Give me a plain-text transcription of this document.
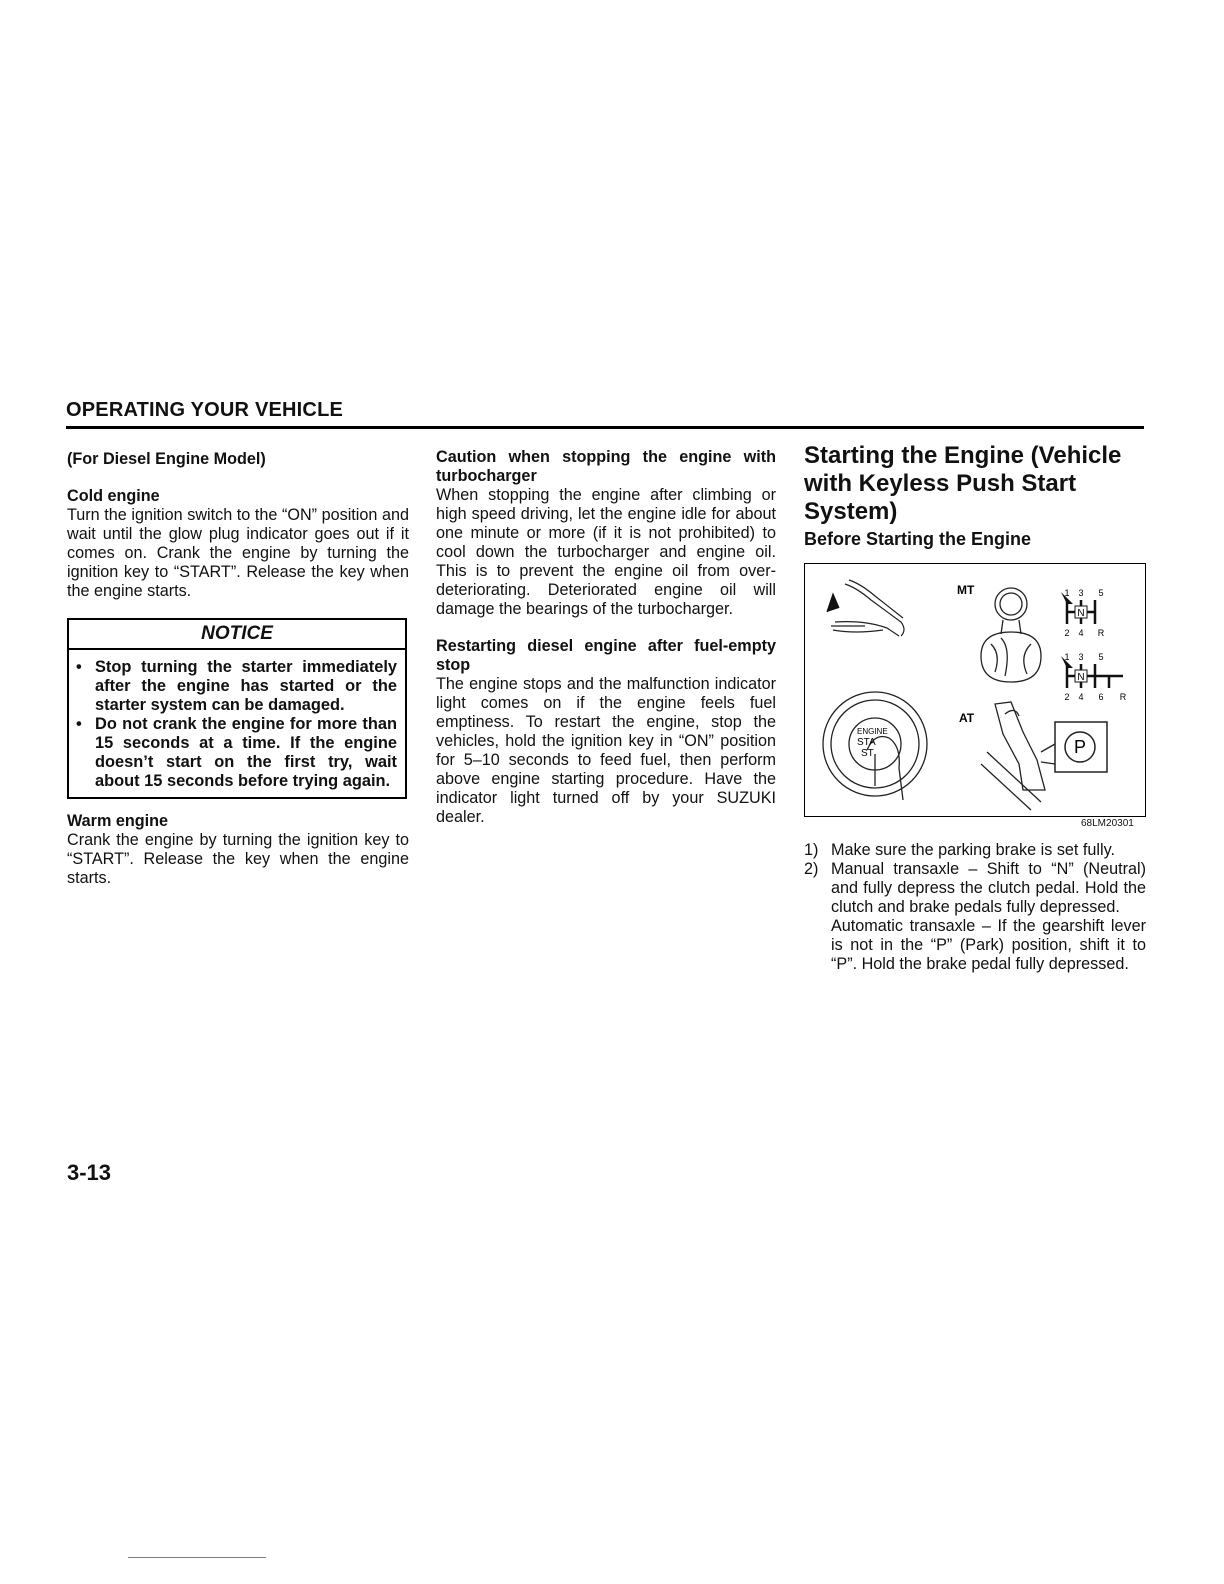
OPERATING YOUR VEHICLE

(For Diesel Engine Model)

Cold engine

Turn the ignition switch to the “ON” position and wait until the glow plug indicator goes out if it comes on. Crank the engine by turning the ignition key to “START”. Release the key when the engine starts.

NOTICE
• Stop turning the starter immediately after the engine has started or the starter system can be damaged.
• Do not crank the engine for more than 15 seconds at a time. If the engine doesn’t start on the first try, wait about 15 seconds before trying again.

Warm engine

Crank the engine by turning the ignition key to “START”. Release the key when the engine starts.

Caution when stopping the engine with turbocharger

When stopping the engine after climbing or high speed driving, let the engine idle for about one minute or more (if it is not prohibited) to cool down the turbocharger and engine oil. This is to prevent the engine oil from over-deteriorating. Deteriorated engine oil will damage the bearings of the turbocharger.

Restarting diesel engine after fuel-empty stop

The engine stops and the malfunction indicator light comes on if the engine feels fuel emptiness. To restart the engine, stop the vehicles, hold the ignition key in “ON” position for 5–10 seconds to feed fuel, then perform above engine starting procedure. Have the indicator light turned off by your SUZUKI dealer.

Starting the Engine (Vehicle with Keyless Push Start System)
Before Starting the Engine
MT
AT
ENGINE
STA
ST	P
N
N
1 3 5
2 4 R
1 3 5
2 4 6 R
68LM20301
1) Make sure the parking brake is set fully.
2) Manual transaxle – Shift to “N” (Neutral) and fully depress the clutch pedal. Hold the clutch and brake pedals fully depressed.

Automatic transaxle – If the gearshift lever is not in the “P” (Park) position, shift it to “P”. Hold the brake pedal fully depressed.

3-13
